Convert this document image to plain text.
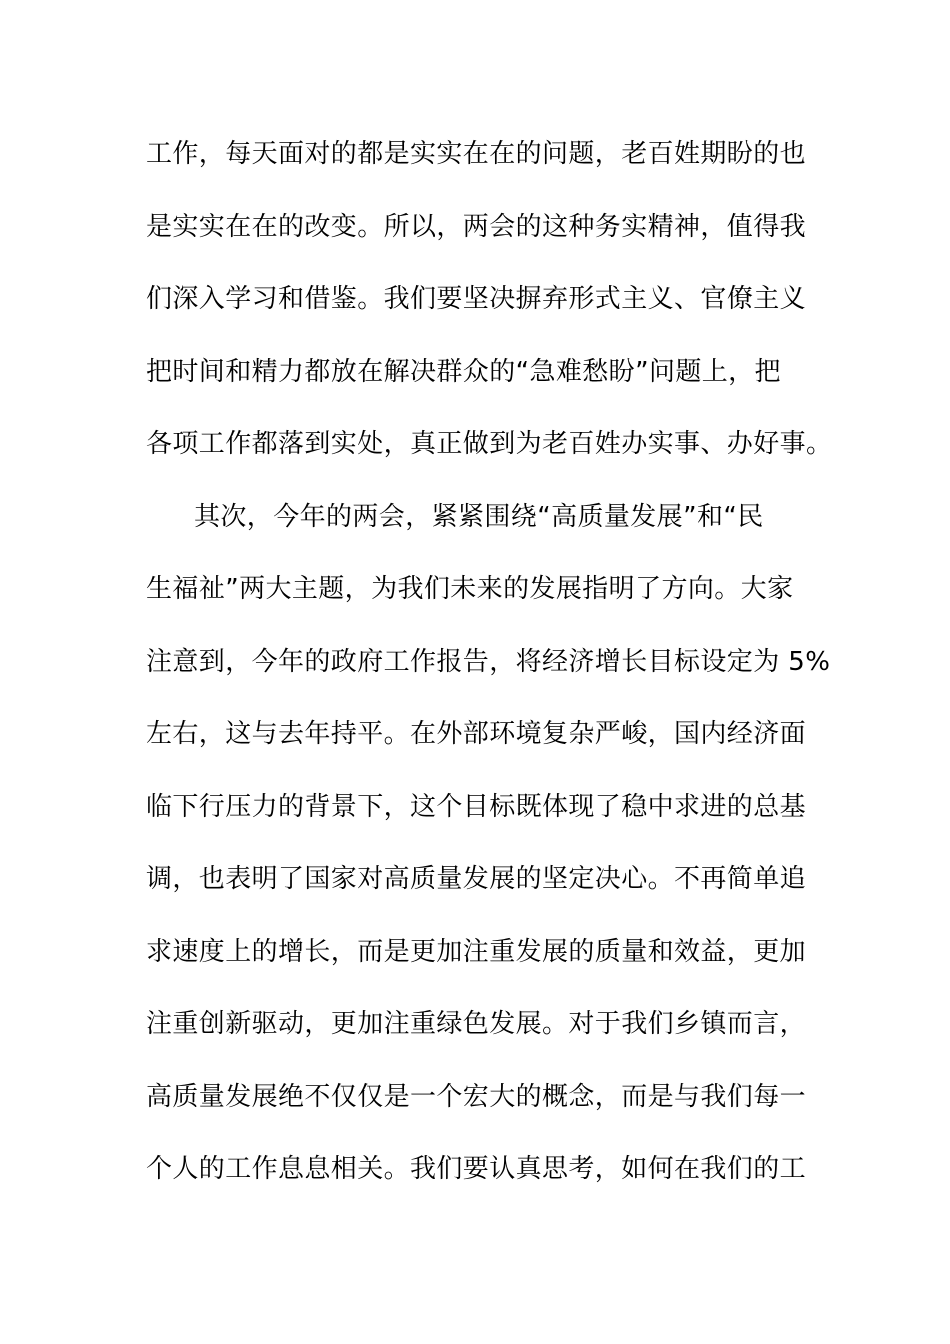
工作，每天面对的都是实实在在的问题，老百姓期盼的也
是实实在在的改变。所以，两会的这种务实精神，值得我
们深入学习和借鉴。我们要坚决摒弃形式主义、官僚主义
把时间和精力都放在解决群众的“急难愁盼”问题上，把
各项工作都落到实处，真正做到为老百姓办实事、办好事。
其次，今年的两会，紧紧围绕“高质量发展”和“民
生福祉”两大主题，为我们未来的发展指明了方向。大家
注意到，今年的政府工作报告，将经济增长目标设定为 5%
左右，这与去年持平。在外部环境复杂严峻，国内经济面
临下行压力的背景下，这个目标既体现了稳中求进的总基
调，也表明了国家对高质量发展的坚定决心。不再简单追
求速度上的增长，而是更加注重发展的质量和效益，更加
注重创新驱动，更加注重绿色发展。对于我们乡镇而言，
高质量发展绝不仅仅是一个宏大的概念，而是与我们每一
个人的工作息息相关。我们要认真思考，如何在我们的工
